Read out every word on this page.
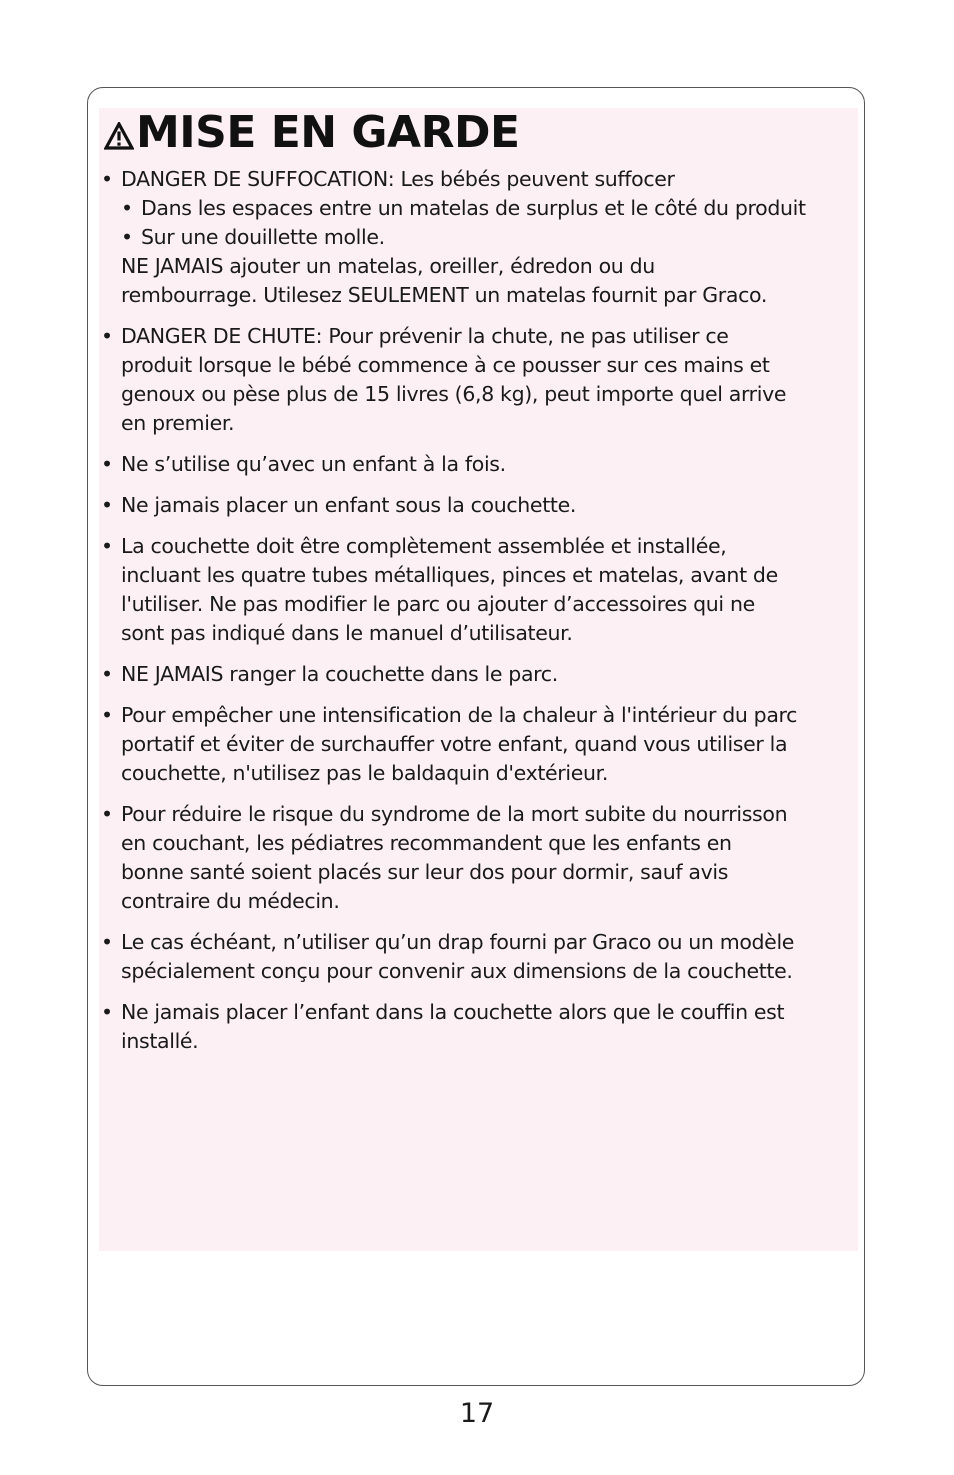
MISE EN GARDE
• DANGER DE SUFFOCATION: Les bébés peuvent suffocer
• Dans les espaces entre un matelas de surplus et le côté du produit
• Sur une douillette molle.
NE JAMAIS ajouter un matelas, oreiller, édredon ou du
rembourrage. Utilesez SEULEMENT un matelas fournit par Graco.
• DANGER DE CHUTE: Pour prévenir la chute, ne pas utiliser ce
produit lorsque le bébé commence à ce pousser sur ces mains et
genoux ou pèse plus de 15 livres (6,8 kg), peut importe quel arrive
en premier.
• Ne s’utilise qu’avec un enfant à la fois.
• Ne jamais placer un enfant sous la couchette.
• La couchette doit être complètement assemblée et installée,
incluant les quatre tubes métalliques, pinces et matelas, avant de
l'utiliser. Ne pas modifier le parc ou ajouter d’accessoires qui ne
sont pas indiqué dans le manuel d’utilisateur.
• NE JAMAIS ranger la couchette dans le parc.
• Pour empêcher une intensification de la chaleur à l'intérieur du parc
portatif et éviter de surchauffer votre enfant, quand vous utiliser la
couchette, n'utilisez pas le baldaquin d'extérieur.
• Pour réduire le risque du syndrome de la mort subite du nourrisson
en couchant, les pédiatres recommandent que les enfants en
bonne santé soient placés sur leur dos pour dormir, sauf avis
contraire du médecin.
• Le cas échéant, n’utiliser qu’un drap fourni par Graco ou un modèle
spécialement conçu pour convenir aux dimensions de la couchette.
• Ne jamais placer l’enfant dans la couchette alors que le couffin est
installé.
17
